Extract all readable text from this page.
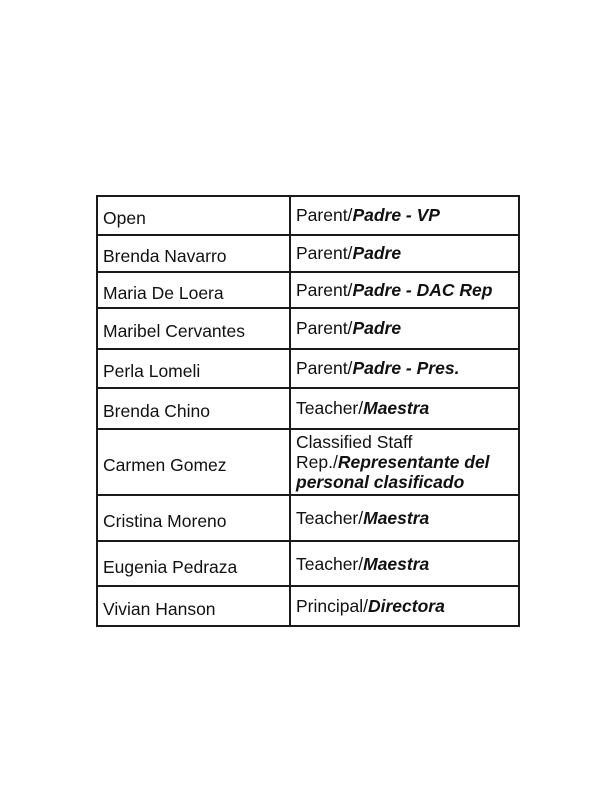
Open	Parent/Padre - VP
Brenda Navarro	Parent/Padre
Maria De Loera	Parent/Padre - DAC Rep
Maribel Cervantes	Parent/Padre
Perla Lomeli	Parent/Padre - Pres.
Brenda Chino	Teacher/Maestra
Carmen Gomez	Classified Staff Rep./Representante del personal clasificado
Cristina Moreno	Teacher/Maestra
Eugenia Pedraza	Teacher/Maestra
Vivian Hanson	Principal/Directora
